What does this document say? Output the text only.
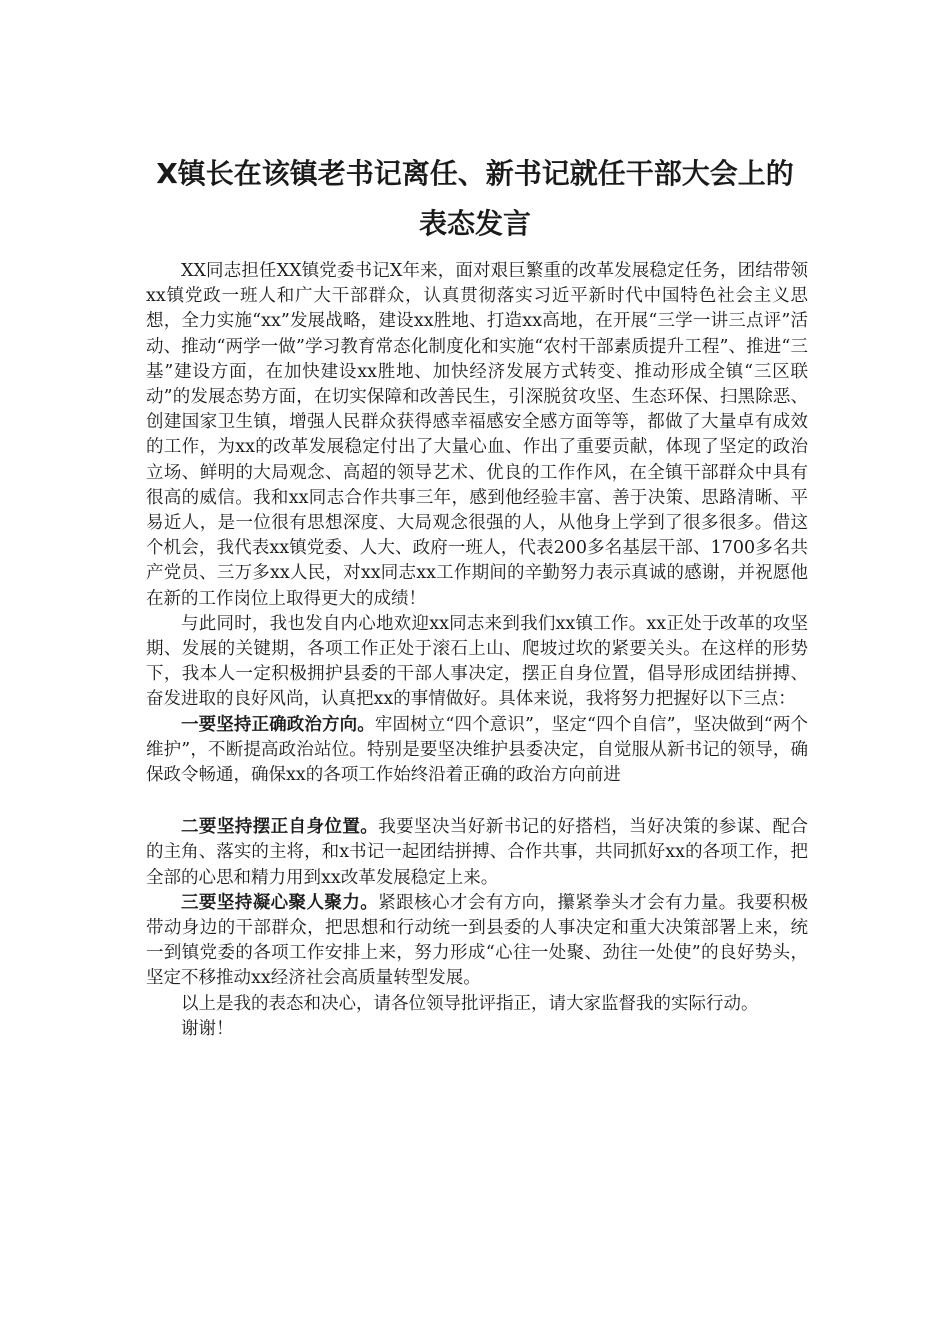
X镇长在该镇老书记离任、新书记就任干部大会上的
表态发言

XX同志担任XX镇党委书记X年来，面对艰巨繁重的改革发展稳定任务，团结带领xx镇党政一班人和广大干部群众，认真贯彻落实习近平新时代中国特色社会主义思想，全力实施“xx”发展战略，建设xx胜地、打造xx高地，在开展“三学一讲三点评”活动、推动“两学一做”学习教育常态化制度化和实施“农村干部素质提升工程”、推进“三基”建设方面，在加快建设xx胜地、加快经济发展方式转变、推动形成全镇“三区联动”的发展态势方面，在切实保障和改善民生，引深脱贫攻坚、生态环保、扫黑除恶、创建国家卫生镇，增强人民群众获得感幸福感安全感方面等等，都做了大量卓有成效的工作，为xx的改革发展稳定付出了大量心血、作出了重要贡献，体现了坚定的政治立场、鲜明的大局观念、高超的领导艺术、优良的工作作风，在全镇干部群众中具有很高的威信。我和xx同志合作共事三年，感到他经验丰富、善于决策、思路清晰、平易近人，是一位很有思想深度、大局观念很强的人，从他身上学到了很多很多。借这个机会，我代表xx镇党委、人大、政府一班人，代表200多名基层干部、1700多名共产党员、三万多xx人民，对xx同志xx工作期间的辛勤努力表示真诚的感谢，并祝愿他在新的工作岗位上取得更大的成绩！

与此同时，我也发自内心地欢迎xx同志来到我们xx镇工作。xx正处于改革的攻坚期、发展的关键期，各项工作正处于滚石上山、爬坡过坎的紧要关头。在这样的形势下，我本人一定积极拥护县委的干部人事决定，摆正自身位置，倡导形成团结拼搏、奋发进取的良好风尚，认真把xx的事情做好。具体来说，我将努力把握好以下三点：

一要坚持正确政治方向。牢固树立“四个意识”，坚定“四个自信”，坚决做到“两个维护”，不断提高政治站位。特别是要坚决维护县委决定，自觉服从新书记的领导，确保政令畅通，确保xx的各项工作始终沿着正确的政治方向前进

二要坚持摆正自身位置。我要坚决当好新书记的好搭档，当好决策的参谋、配合的主角、落实的主将，和x书记一起团结拼搏、合作共事，共同抓好xx的各项工作，把全部的心思和精力用到xx改革发展稳定上来。

三要坚持凝心聚人聚力。紧跟核心才会有方向，攥紧拳头才会有力量。我要积极带动身边的干部群众，把思想和行动统一到县委的人事决定和重大决策部署上来，统一到镇党委的各项工作安排上来，努力形成“心往一处聚、劲往一处使”的良好势头，坚定不移推动xx经济社会高质量转型发展。

以上是我的表态和决心，请各位领导批评指正，请大家监督我的实际行动。

谢谢！
